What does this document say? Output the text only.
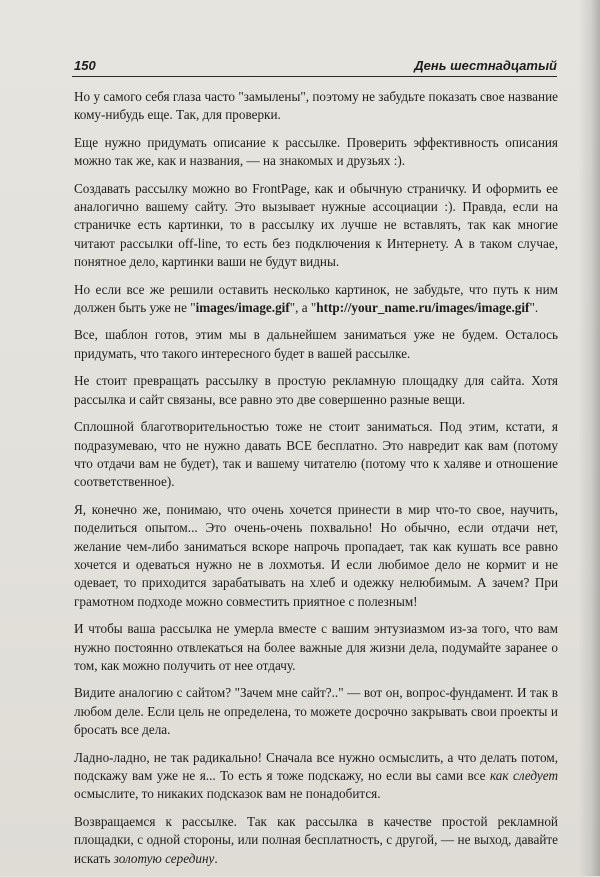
150	День шестнадцатый

Но у самого себя глаза часто "замылены", поэтому не забудьте показать свое название кому-нибудь еще. Так, для проверки.

Еще нужно придумать описание к рассылке. Проверить эффективность описания можно так же, как и названия, — на знакомых и друзьях :).

Создавать рассылку можно во FrontPage, как и обычную страничку. И оформить ее аналогично вашему сайту. Это вызывает нужные ассоциации :). Правда, если на страничке есть картинки, то в рассылку их лучше не вставлять, так как многие читают рассылки off-line, то есть без подключения к Интернету. А в таком случае, понятное дело, картинки ваши не будут видны.

Но если все же решили оставить несколько картинок, не забудьте, что путь к ним должен быть уже не "images/image.gif", а "http://your_name.ru/images/image.gif".

Все, шаблон готов, этим мы в дальнейшем заниматься уже не будем. Осталось придумать, что такого интересного будет в вашей рассылке.

Не стоит превращать рассылку в простую рекламную площадку для сайта. Хотя рассылка и сайт связаны, все равно это две совершенно разные вещи.

Сплошной благотворительностью тоже не стоит заниматься. Под этим, кстати, я подразумеваю, что не нужно давать ВСЕ бесплатно. Это навредит как вам (потому что отдачи вам не будет), так и вашему читателю (потому что к халяве и отношение соответственное).

Я, конечно же, понимаю, что очень хочется принести в мир что-то свое, научить, поделиться опытом... Это очень-очень похвально! Но обычно, если отдачи нет, желание чем-либо заниматься вскоре напрочь пропадает, так как кушать все равно хочется и одеваться нужно не в лохмотья. И если любимое дело не кормит и не одевает, то приходится зарабатывать на хлеб и одежку нелюбимым. А зачем? При грамотном подходе можно совместить приятное с полезным!

И чтобы ваша рассылка не умерла вместе с вашим энтузиазмом из-за того, что вам нужно постоянно отвлекаться на более важные для жизни дела, подумайте заранее о том, как можно получить от нее отдачу.

Видите аналогию с сайтом? "Зачем мне сайт?.." — вот он, вопрос-фундамент. И так в любом деле. Если цель не определена, то можете досрочно закрывать свои проекты и бросать все дела.

Ладно-ладно, не так радикально! Сначала все нужно осмыслить, а что делать потом, подскажу вам уже не я... То есть я тоже подскажу, но если вы сами все как следует осмыслите, то никаких подсказок вам не понадобится.

Возвращаемся к рассылке. Так как рассылка в качестве простой рекламной площадки, с одной стороны, или полная бесплатность, с другой, — не выход, давайте искать золотую середину.
